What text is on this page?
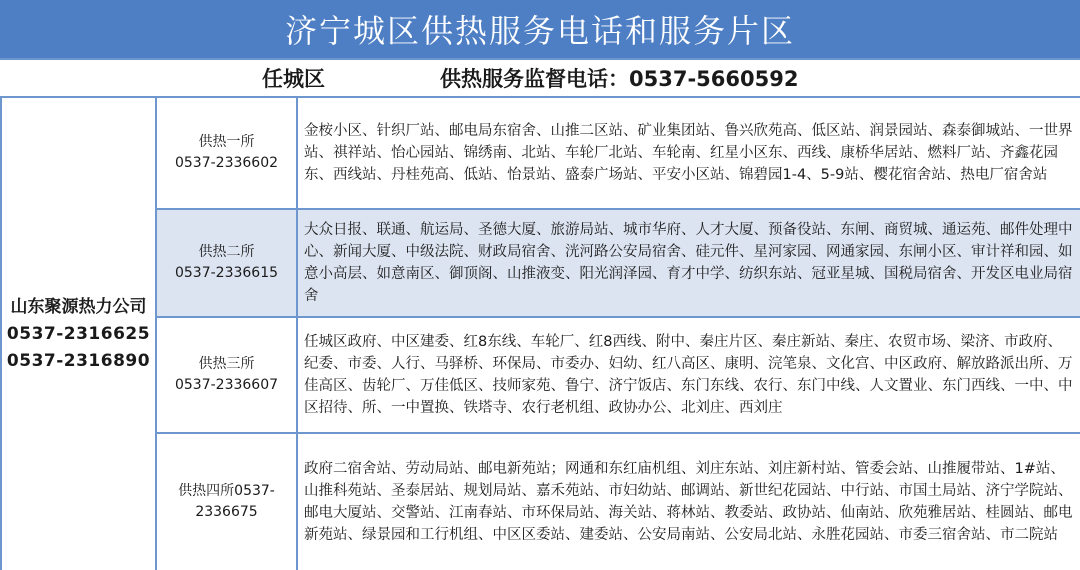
济宁城区供热服务电话和服务片区
任城区	供热服务监督电话：0537-5660592
山东聚源热力公司
0537-2316625
0537-2316890
供热一所
0537-2336602
金桉小区、针织厂站、邮电局东宿舍、山推二区站、矿业集团站、鲁兴欣苑高、低区站、润景园站、森泰御城站、一世界站、祺祥站、怡心园站、锦绣南、北站、车轮厂北站、车轮南、红星小区东、西线、康桥华居站、燃料厂站、齐鑫花园东、西线站、丹桂苑高、低站、怡景站、盛泰广场站、平安小区站、锦碧园1-4、5-9站、樱花宿舍站、热电厂宿舍站
供热二所
0537-2336615
大众日报、联通、航运局、圣德大厦、旅游局站、城市华府、人才大厦、预备役站、东闸、商贸城、通运苑、邮件处理中心、新闻大厦、中级法院、财政局宿舍、洸河路公安局宿舍、硅元件、星河家园、网通家园、东闸小区、审计祥和园、如意小高层、如意南区、御顶阁、山推液变、阳光润泽园、育才中学、纺织东站、冠亚星城、国税局宿舍、开发区电业局宿舍
供热三所
0537-2336607
任城区政府、中区建委、红8东线、车轮厂、红8西线、附中、秦庄片区、秦庄新站、秦庄、农贸市场、梁济、市政府、纪委、市委、人行、马驿桥、环保局、市委办、妇幼、红八高区、康明、浣笔泉、文化宫、中区政府、解放路派出所、万佳高区、齿轮厂、万佳低区、技师家苑、鲁宁、济宁饭店、东门东线、农行、东门中线、人文置业、东门西线、一中、中区招待、所、一中置换、铁塔寺、农行老机组、政协办公、北刘庄、西刘庄
供热四所0537-2336675
政府二宿舍站、劳动局站、邮电新苑站；网通和东红庙机组、刘庄东站、刘庄新村站、管委会站、山推履带站、1#站、山推科苑站、圣泰居站、规划局站、嘉禾苑站、市妇幼站、邮调站、新世纪花园站、中行站、市国土局站、济宁学院站、邮电大厦站、交警站、江南春站、市环保局站、海关站、蒋林站、教委站、政协站、仙南站、欣苑雅居站、桂圆站、邮电新苑站、绿景园和工行机组、中区区委站、建委站、公安局南站、公安局北站、永胜花园站、市委三宿舍站、市二院站
